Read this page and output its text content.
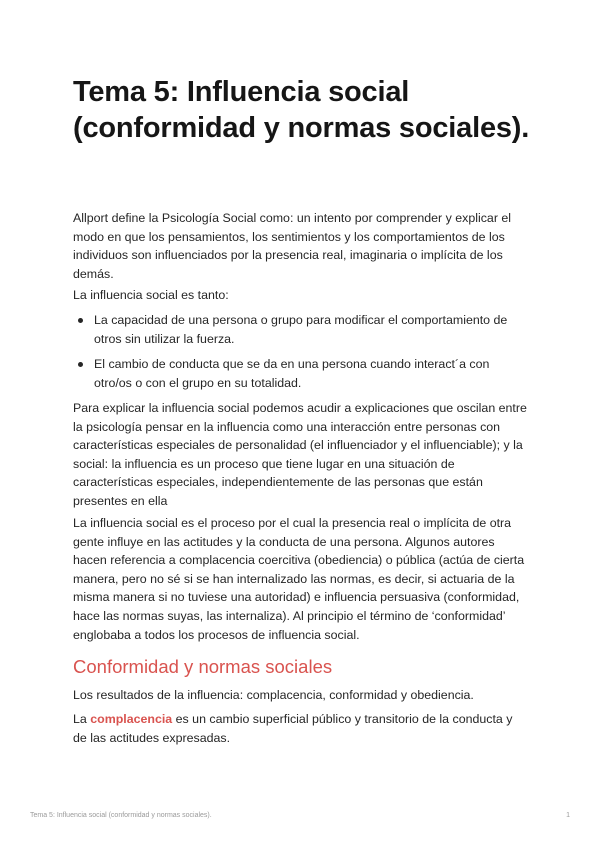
Tema 5: Influencia social (conformidad y normas sociales).

Allport define la Psicología Social como: un intento por comprender y explicar el modo en que los pensamientos, los sentimientos y los comportamientos de los individuos son influenciados por la presencia real, imaginaria o implícita de los demás.

La influencia social es tanto:

La capacidad de una persona o grupo para modificar el comportamiento de otros sin utilizar la fuerza.
El cambio de conducta que se da en una persona cuando interact´a con otro/os o con el grupo en su totalidad.

Para explicar la influencia social podemos acudir a explicaciones que oscilan entre la psicología pensar en la influencia como una interacción entre personas con características especiales de personalidad (el influenciador y el influenciable); y la social: la influencia es un proceso que tiene lugar en una situación de características especiales, independientemente de las personas que están presentes en ella

La influencia social es el proceso por el cual la presencia real o implícita de otra gente influye en las actitudes y la conducta de una persona. Algunos autores hacen referencia a complacencia coercitiva (obediencia) o pública (actúa de cierta manera, pero no sé si se han internalizado las normas, es decir, si actuaria de la misma manera si no tuviese una autoridad) e influencia persuasiva (conformidad, hace las normas suyas, las internaliza). Al principio el término de ‘conformidad’ englobaba a todos los procesos de influencia social.

Conformidad y normas sociales

Los resultados de la influencia: complacencia, conformidad y obediencia.

La complacencia es un cambio superficial público y transitorio de la conducta y de las actitudes expresadas.

Tema 5: Influencia social (conformidad y normas sociales).	1
